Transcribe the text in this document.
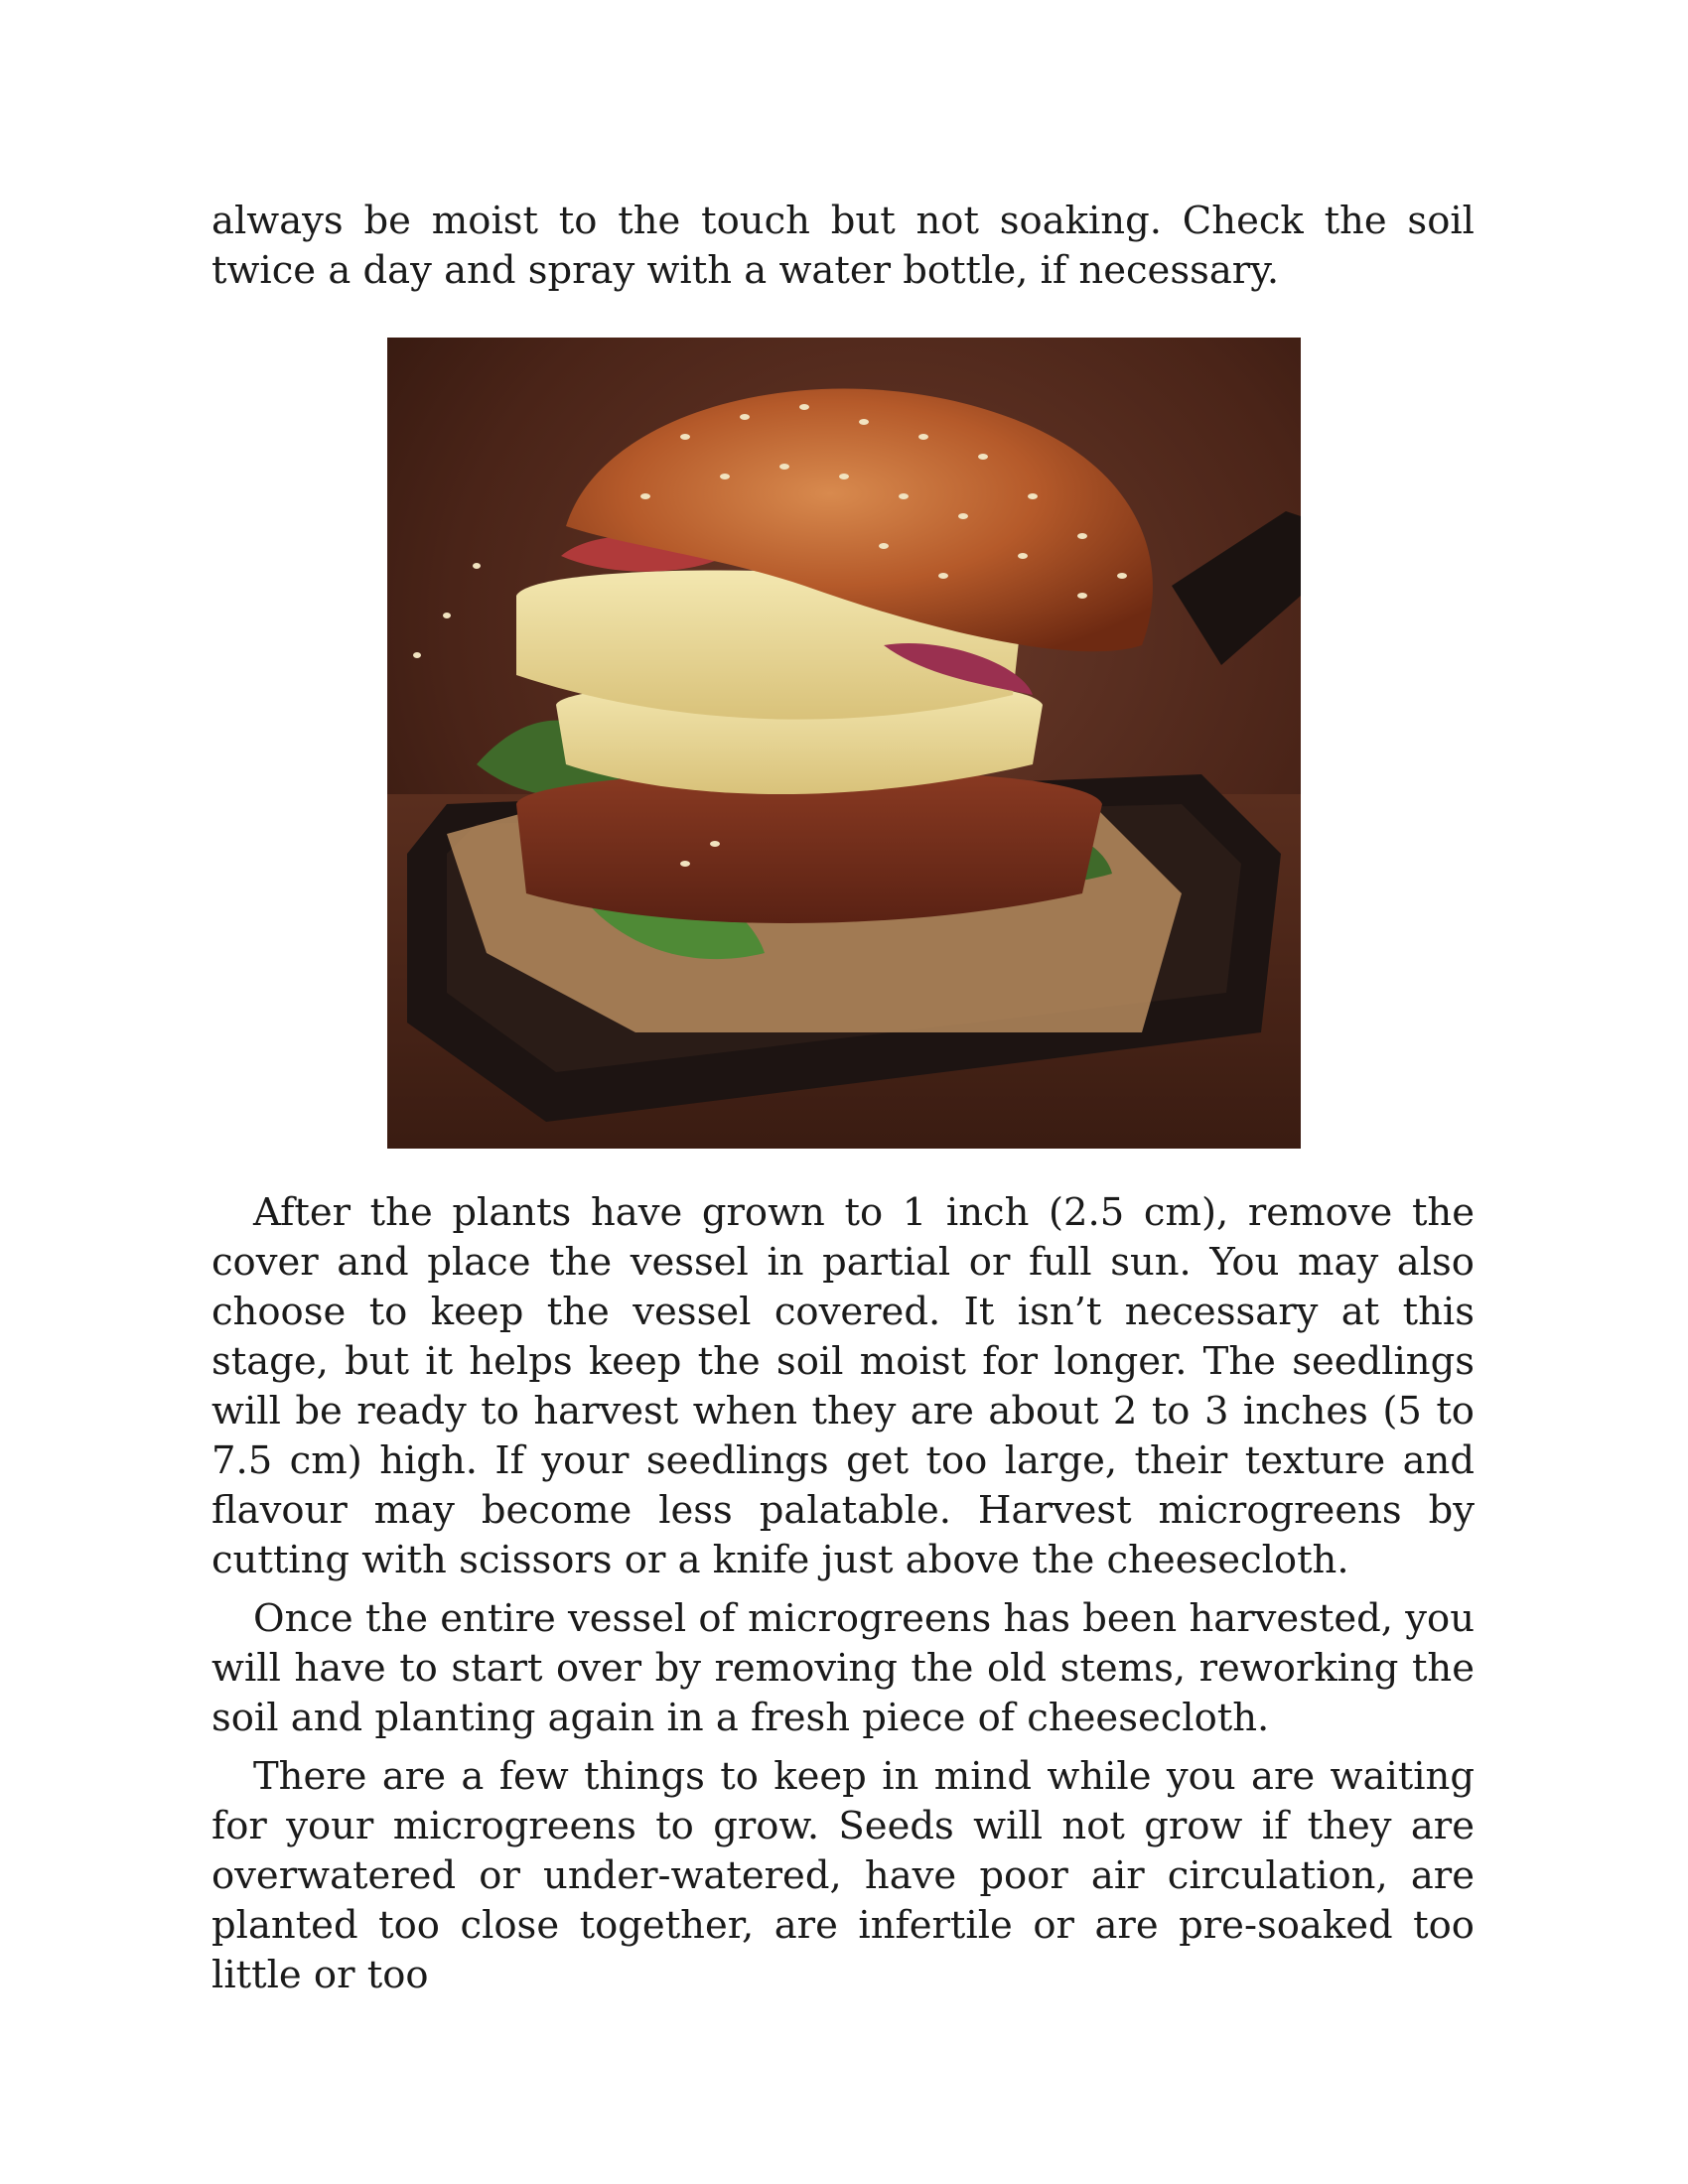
always be moist to the touch but not soaking. Check the soil twice a day and spray with a water bottle, if necessary.

After the plants have grown to 1 inch (2.5 cm), remove the cover and place the vessel in partial or full sun. You may also choose to keep the vessel covered. It isn’t necessary at this stage, but it helps keep the soil moist for longer. The seedlings will be ready to harvest when they are about 2 to 3 inches (5 to 7.5 cm) high. If your seedlings get too large, their texture and flavour may become less palatable. Harvest microgreens by cutting with scissors or a knife just above the cheesecloth.

Once the entire vessel of microgreens has been harvested, you will have to start over by removing the old stems, reworking the soil and planting again in a fresh piece of cheesecloth.

There are a few things to keep in mind while you are waiting for your microgreens to grow. Seeds will not grow if they are overwatered or under-watered, have poor air circulation, are planted too close together, are infertile or are pre-soaked too little or too
